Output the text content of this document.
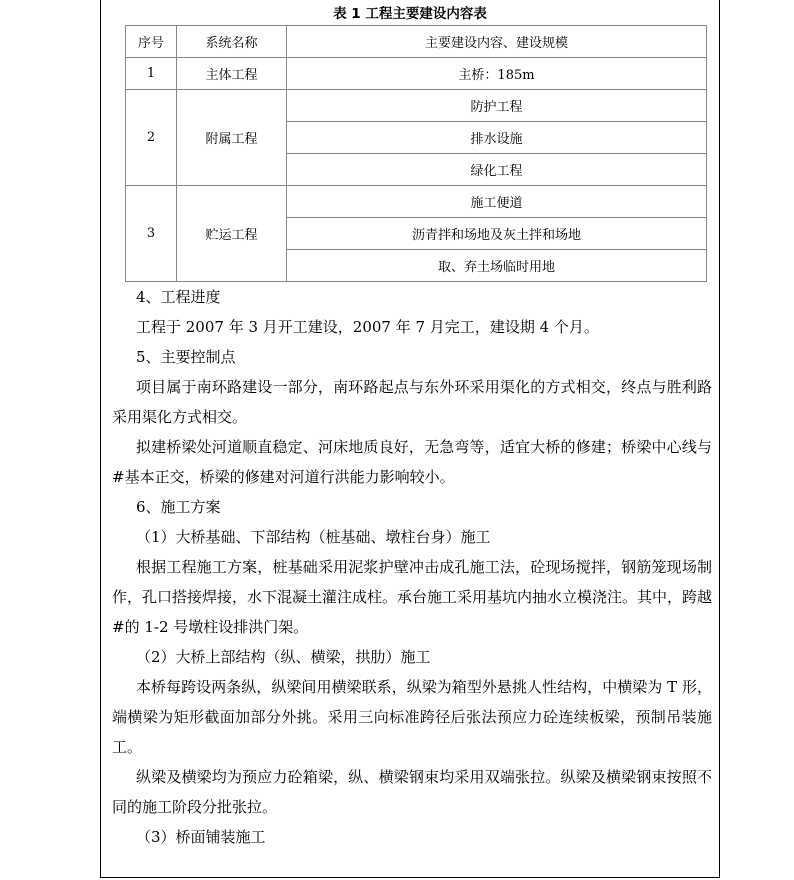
表 1 工程主要建设内容表
序号	系统名称	主要建设内容、建设规模
1	主体工程	主桥：185m
2	附属工程	防护工程
		排水设施
		绿化工程
3	贮运工程	施工便道
		沥青拌和场地及灰土拌和场地
		取、弃土场临时用地

4、工程进度

工程于 2007 年 3 月开工建设，2007 年 7 月完工，建设期 4 个月。

5、主要控制点

项目属于南环路建设一部分，南环路起点与东外环采用渠化的方式相交，终点与胜利路采用渠化方式相交。

拟建桥梁处河道顺直稳定、河床地质良好，无急弯等，适宜大桥的修建；桥梁中心线与#基本正交，桥梁的修建对河道行洪能力影响较小。

6、施工方案

（1）大桥基础、下部结构（桩基础、墩柱台身）施工

根据工程施工方案，桩基础采用泥浆护壁冲击成孔施工法，砼现场搅拌，钢筋笼现场制作，孔口搭接焊接，水下混凝土灌注成柱。承台施工采用基坑内抽水立模浇注。其中，跨越#的 1-2 号墩柱设排洪门架。

（2）大桥上部结构（纵、横梁，拱肋）施工

本桥每跨设两条纵，纵梁间用横梁联系，纵梁为箱型外悬挑人性结构，中横梁为 T 形，端横梁为矩形截面加部分外挑。采用三向标准跨径后张法预应力砼连续板梁，预制吊装施工。

纵梁及横梁均为预应力砼箱梁，纵、横梁钢束均采用双端张拉。纵梁及横梁钢束按照不同的施工阶段分批张拉。

（3）桥面铺装施工
